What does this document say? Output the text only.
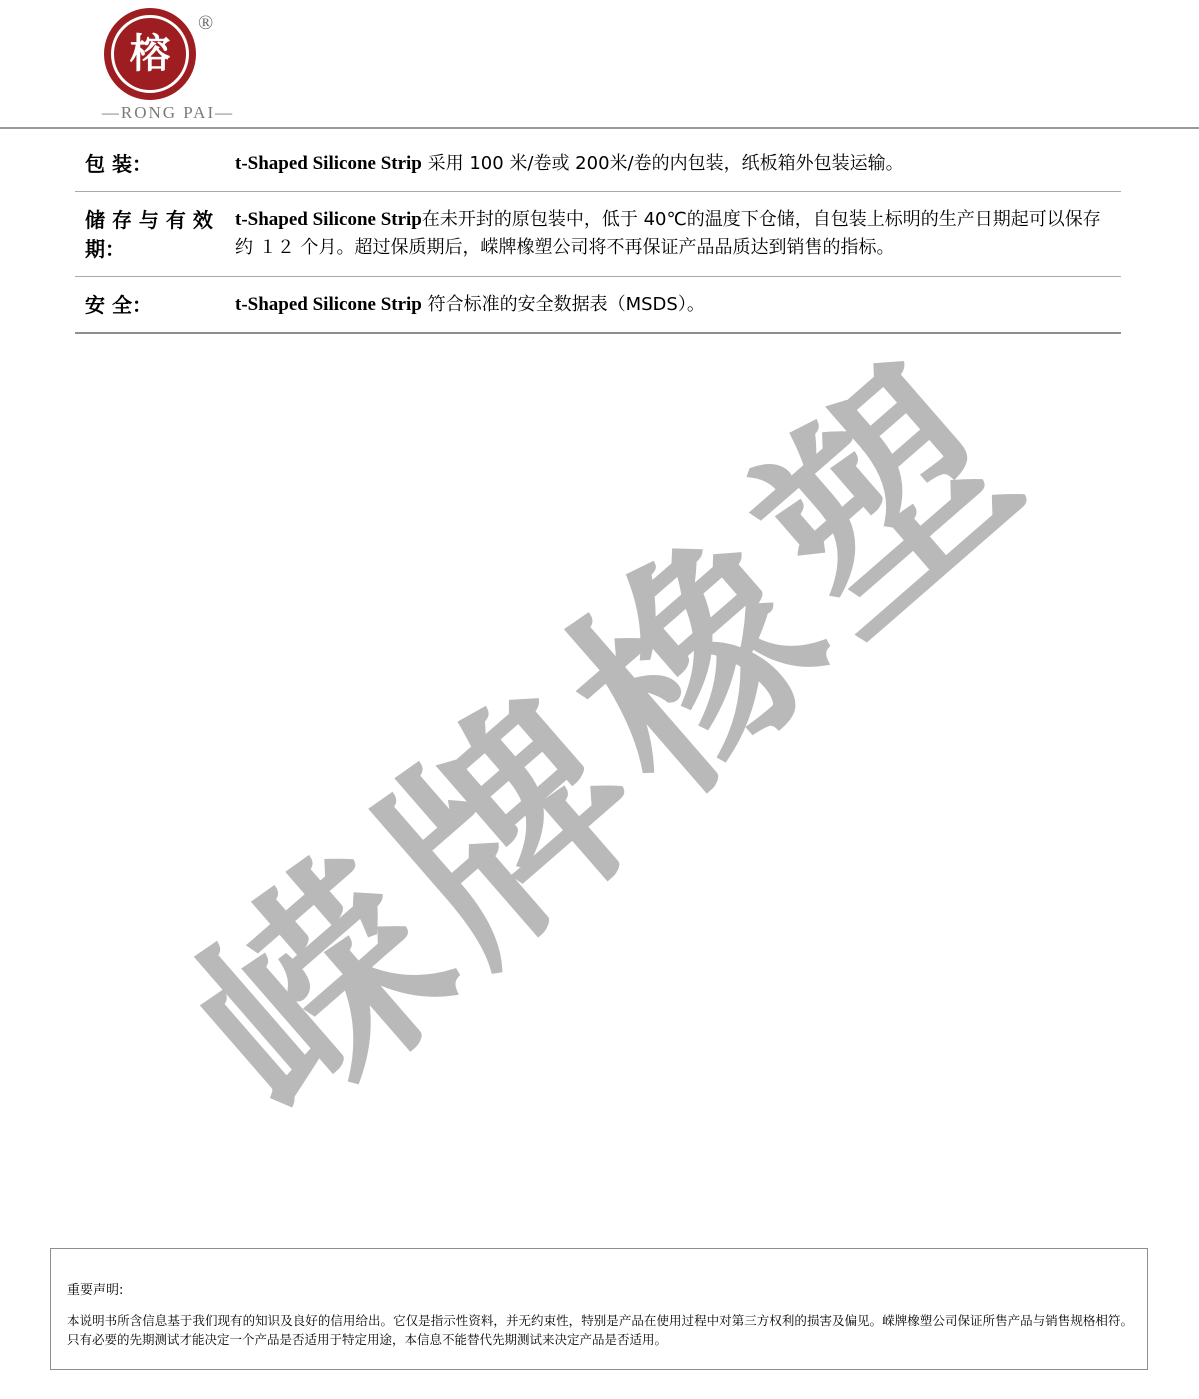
榕
®
—RONG PAI—
包 装：	t-Shaped Silicone Strip 采用 100 米/卷或 200米/卷的内包装，纸板箱外包装运输。
储 存 与 有 效 期：
t-Shaped Silicone Strip在未开封的原包装中，低于 40℃的温度下仓储，自包装上标明的生产日期起可以保存约 １２ 个月。超过保质期后，嵘牌橡塑公司将不再保证产品品质达到销售的指标。
安 全：	t-Shaped Silicone Strip 符合标准的安全数据表（MSDS）。
嵘牌橡塑
重要声明:
本说明书所含信息基于我们现有的知识及良好的信用给出。它仅是指示性资料，并无约束性，特别是产品在使用过程中对第三方权利的损害及偏见。嵘牌橡塑公司保证所售产品与销售规格相符。只有必要的先期测试才能决定一个产品是否适用于特定用途，本信息不能替代先期测试来决定产品是否适用。
